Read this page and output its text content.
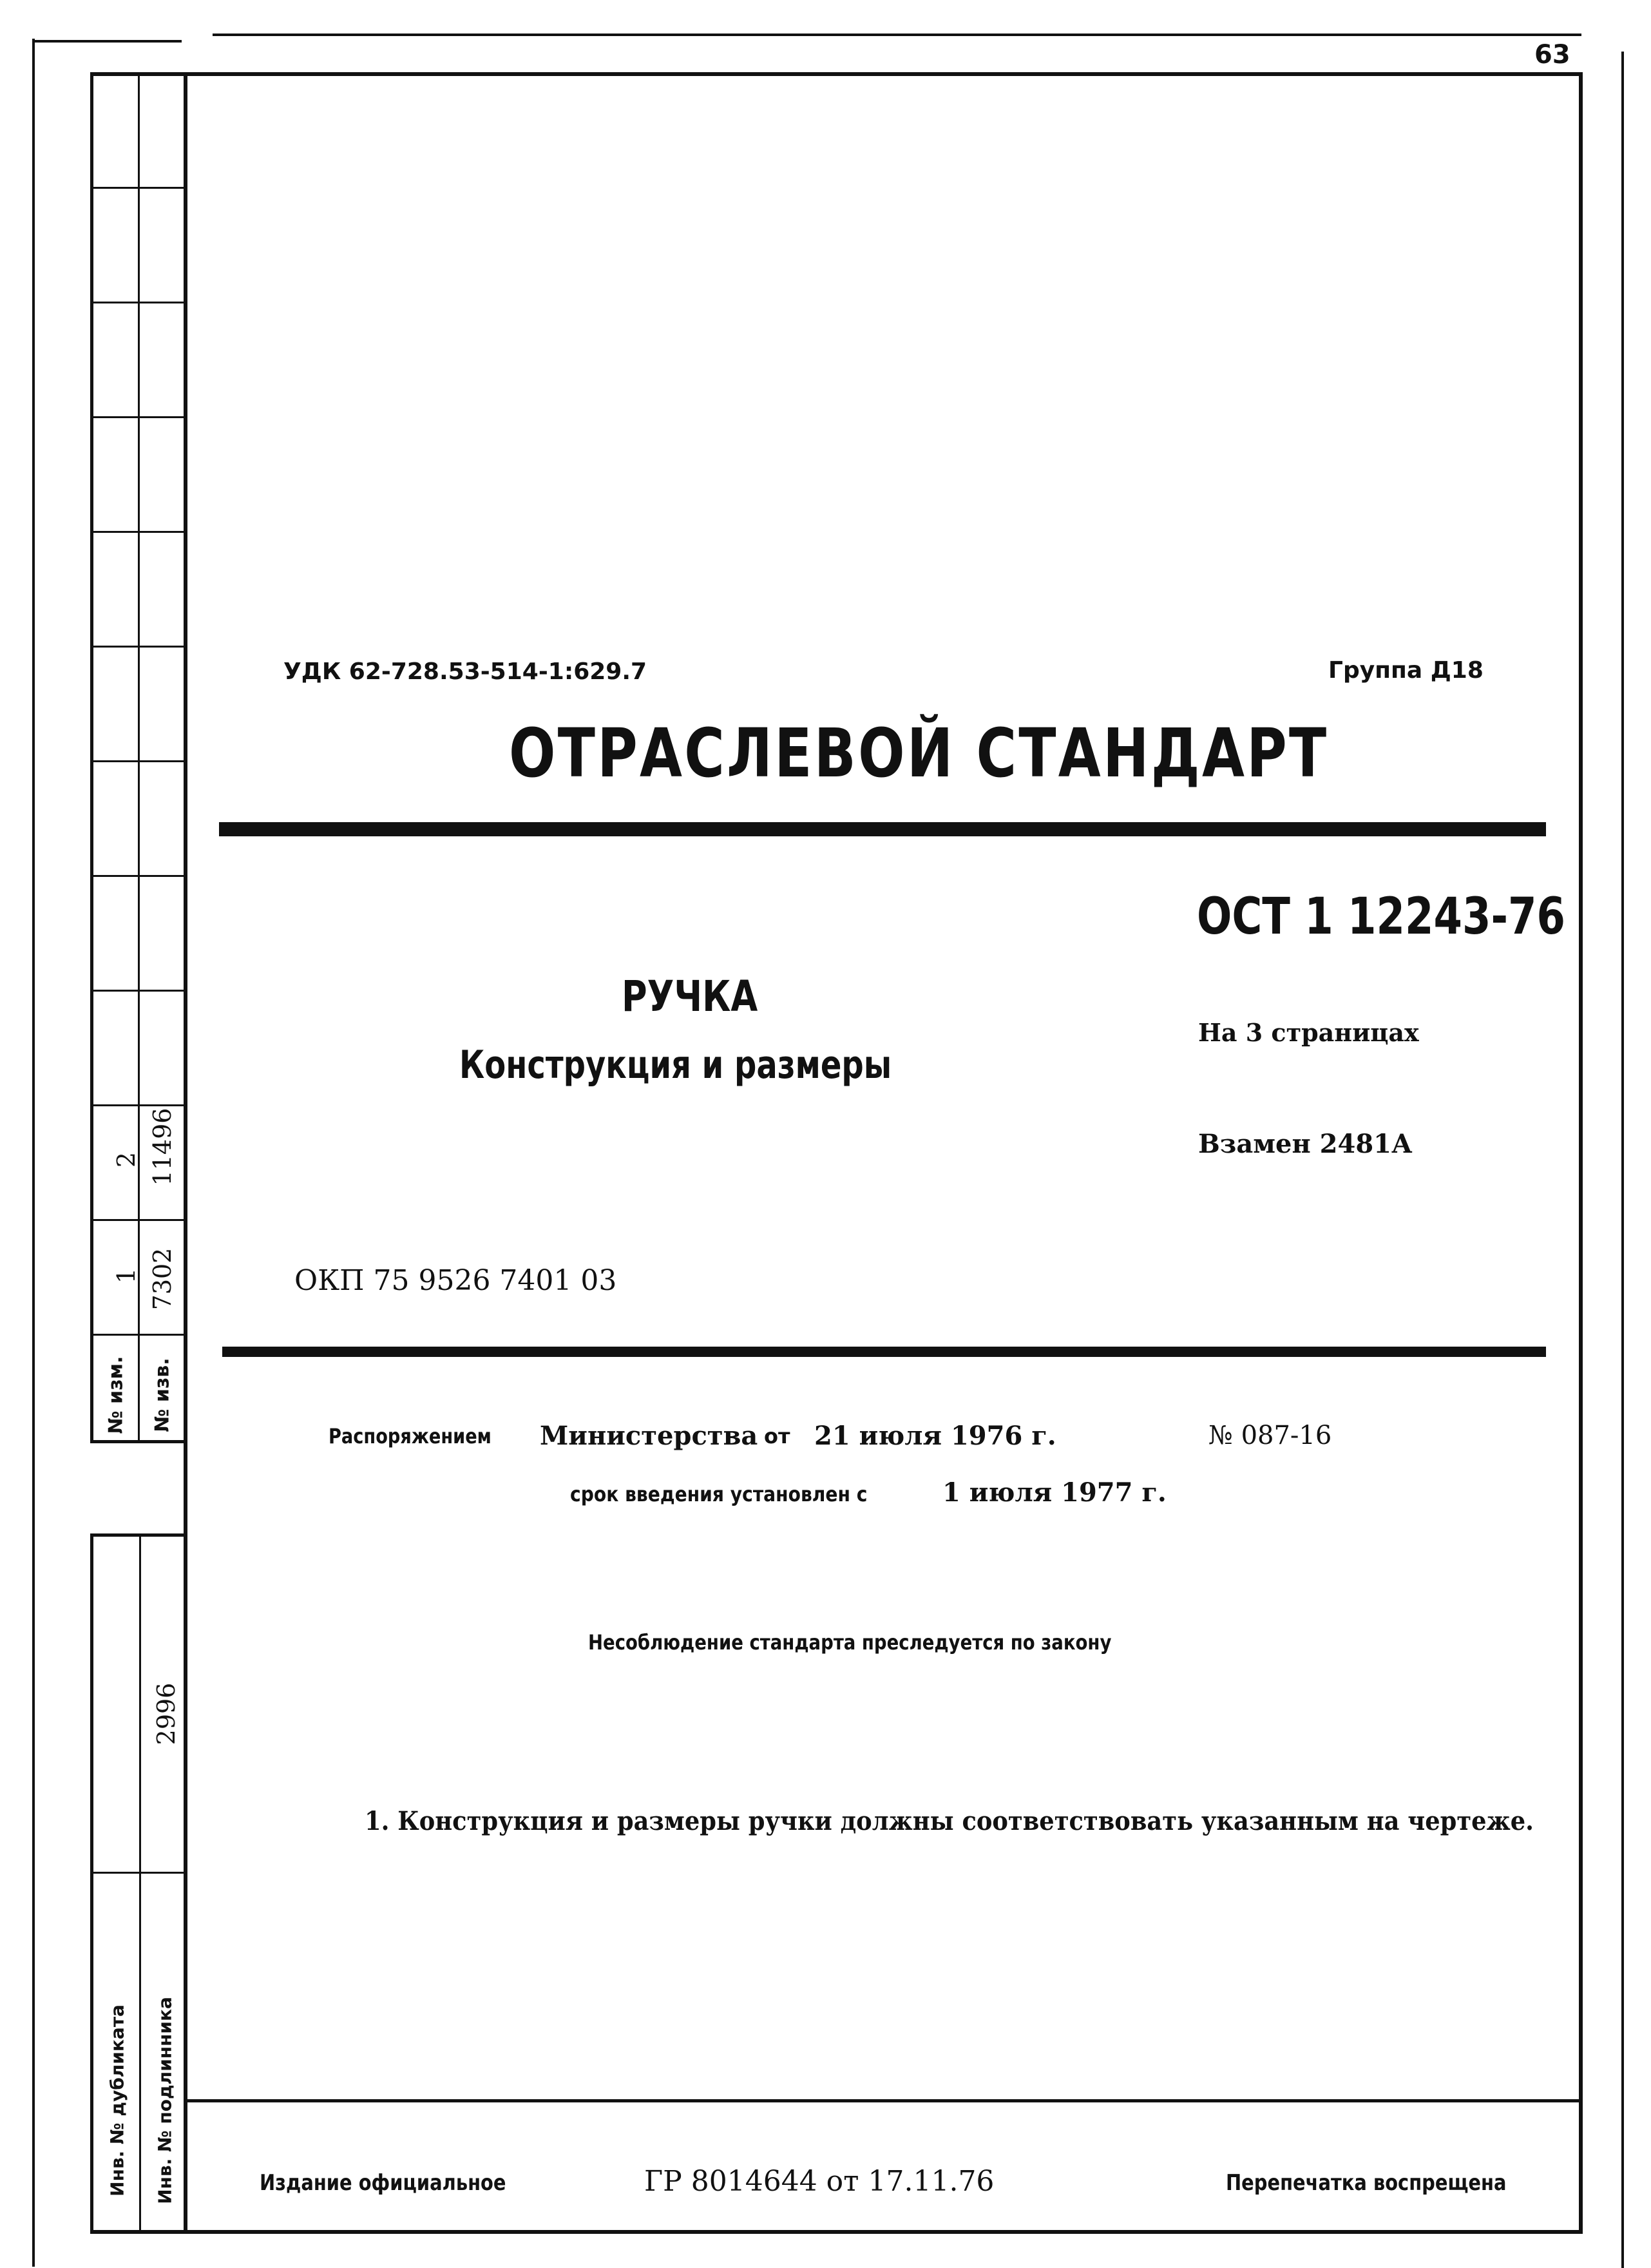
63
2 11496
1 7302
№ изм. № изв.
2996
Инв. № дубликата Инв. № подлинника
УДК 62-728.53-514-1:629.7	Группа Д18
ОТРАСЛЕВОЙ СТАНДАРТ
ОСТ 1 12243-76
РУЧКА
Конструкция и размеры
На 3 страницах
Взамен 2481А
ОКП 75 9526 7401 03
Распоряжением Министерства от 21 июля 1976 г.	№ 087-16
срок введения установлен с	1 июля 1977 г.
Несоблюдение стандарта преследуется по закону
1. Конструкция и размеры ручки должны соответствовать указанным на чертеже.
Издание официальное	ГР 8014644 от 17.11.76	Перепечатка воспрещена
